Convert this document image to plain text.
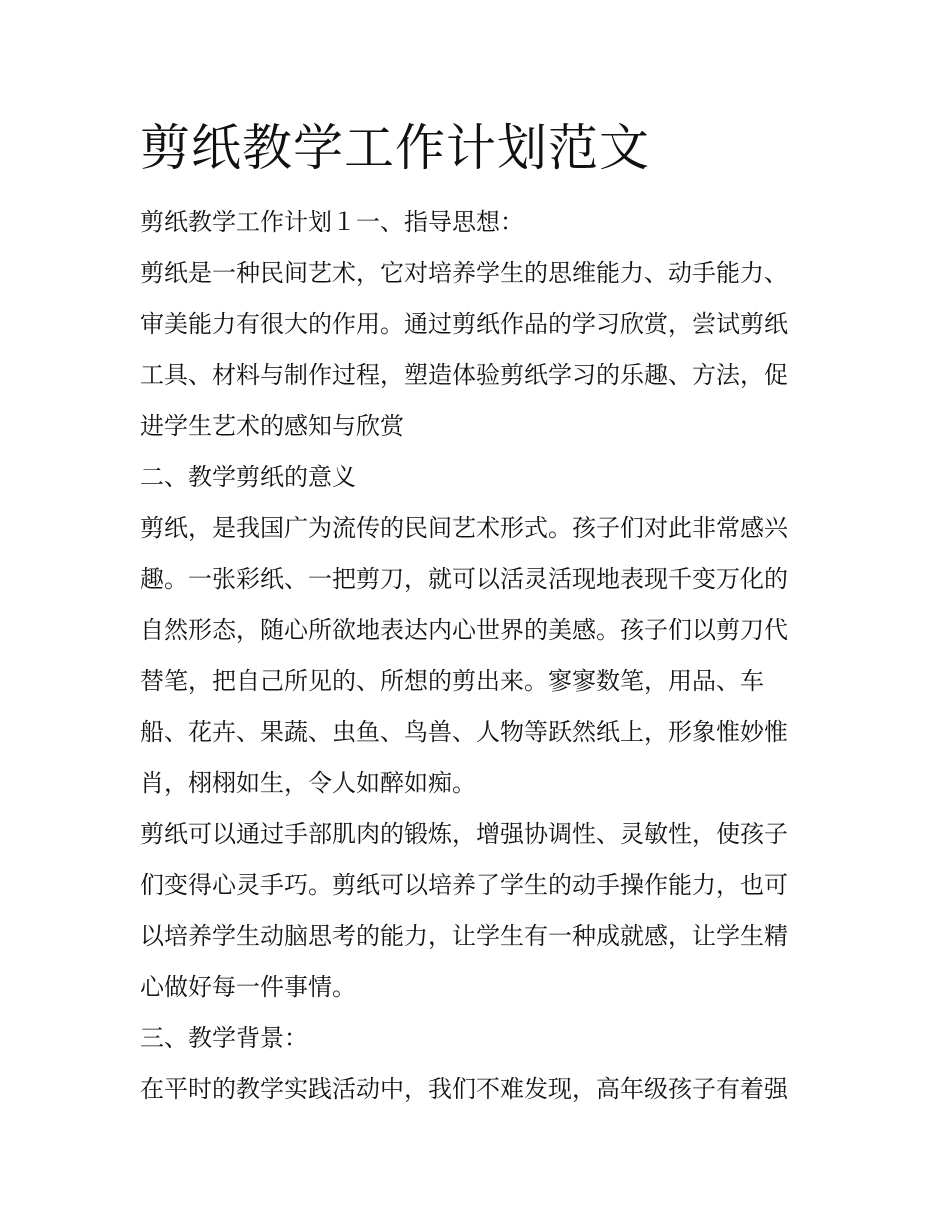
剪纸教学工作计划范文
剪纸教学工作计划１一、指导思想：
剪纸是一种民间艺术，它对培养学生的思维能力、动手能力、
审美能力有很大的作用。通过剪纸作品的学习欣赏，尝试剪纸
工具、材料与制作过程，塑造体验剪纸学习的乐趣、方法，促
进学生艺术的感知与欣赏
二、教学剪纸的意义
剪纸，是我国广为流传的民间艺术形式。孩子们对此非常感兴
趣。一张彩纸、一把剪刀，就可以活灵活现地表现千变万化的
自然形态，随心所欲地表达内心世界的美感。孩子们以剪刀代
替笔，把自己所见的、所想的剪出来。寥寥数笔，用品、车
船、花卉、果蔬、虫鱼、鸟兽、人物等跃然纸上，形象惟妙惟
肖，栩栩如生，令人如醉如痴。
剪纸可以通过手部肌肉的锻炼，增强协调性、灵敏性，使孩子
们变得心灵手巧。剪纸可以培养了学生的动手操作能力，也可
以培养学生动脑思考的能力，让学生有一种成就感，让学生精
心做好每一件事情。
三、教学背景：
在平时的教学实践活动中，我们不难发现，高年级孩子有着强
